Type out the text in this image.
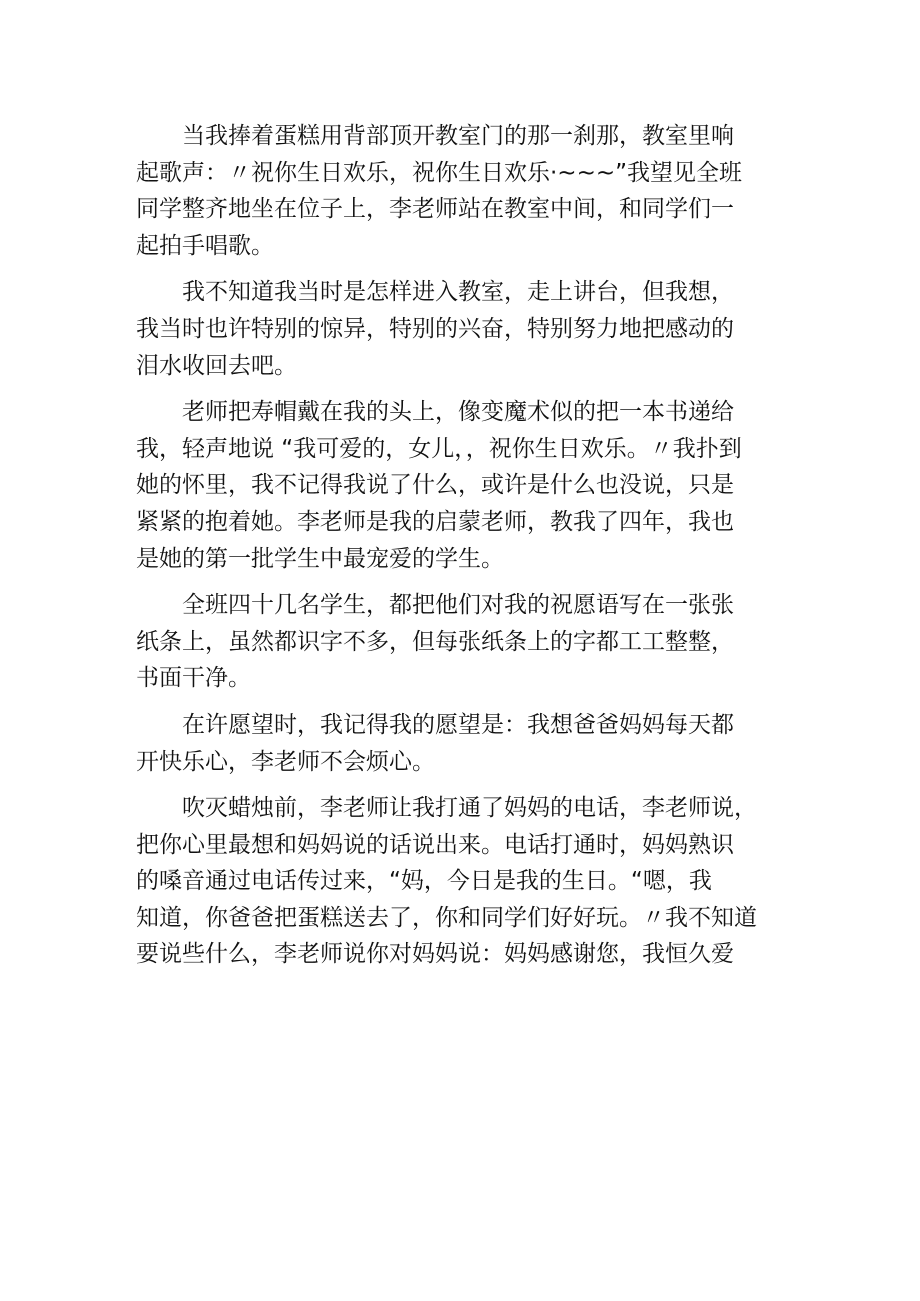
当我捧着蛋糕用背部顶开教室门的那一刹那，教室里响
起歌声：〃祝你生日欢乐，祝你生日欢乐·~~~”我望见全班
同学整齐地坐在位子上，李老师站在教室中间，和同学们一
起拍手唱歌。

我不知道我当时是怎样进入教室，走上讲台，但我想，
我当时也许特别的惊异，特别的兴奋，特别努力地把感动的
泪水收回去吧。

老师把寿帽戴在我的头上，像变魔术似的把一本书递给
我，轻声地说 “我可爱的，女儿，，祝你生日欢乐。〃我扑到
她的怀里，我不记得我说了什么，或许是什么也没说，只是
紧紧的抱着她。李老师是我的启蒙老师，教我了四年，我也
是她的第一批学生中最宠爱的学生。

全班四十几名学生，都把他们对我的祝愿语写在一张张
纸条上，虽然都识字不多，但每张纸条上的字都工工整整，
书面干净。

在许愿望时，我记得我的愿望是：我想爸爸妈妈每天都
开快乐心，李老师不会烦心。

吹灭蜡烛前，李老师让我打通了妈妈的电话，李老师说，
把你心里最想和妈妈说的话说出来。电话打通时，妈妈熟识
的嗓音通过电话传过来，“妈，今日是我的生日。“嗯，我
知道，你爸爸把蛋糕送去了，你和同学们好好玩。〃我不知道
要说些什么，李老师说你对妈妈说：妈妈感谢您，我恒久爱
